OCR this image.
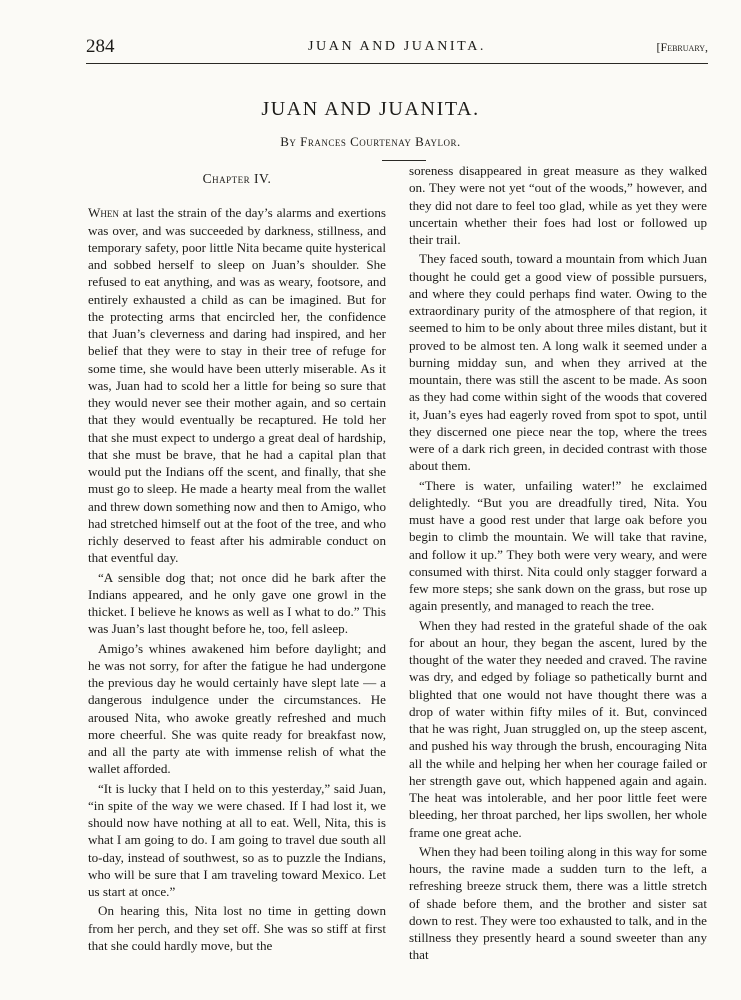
284	JUAN AND JUANITA.	[February,
JUAN AND JUANITA.
By Frances Courtenay Baylor.
Chapter IV.

When at last the strain of the day’s alarms and exertions was over, and was succeeded by darkness, stillness, and temporary safety, poor little Nita became quite hysterical and sobbed herself to sleep on Juan’s shoulder. She refused to eat anything, and was as weary, footsore, and entirely exhausted a child as can be imagined. But for the protecting arms that encircled her, the confidence that Juan’s cleverness and daring had inspired, and her belief that they were to stay in their tree of refuge for some time, she would have been utterly miserable. As it was, Juan had to scold her a little for being so sure that they would never see their mother again, and so certain that they would eventually be recaptured. He told her that she must expect to undergo a great deal of hardship, that she must be brave, that he had a capital plan that would put the Indians off the scent, and finally, that she must go to sleep. He made a hearty meal from the wallet and threw down something now and then to Amigo, who had stretched himself out at the foot of the tree, and who richly deserved to feast after his admirable conduct on that eventful day.

“A sensible dog that; not once did he bark after the Indians appeared, and he only gave one growl in the thicket. I believe he knows as well as I what to do.” This was Juan’s last thought before he, too, fell asleep.

Amigo’s whines awakened him before daylight; and he was not sorry, for after the fatigue he had undergone the previous day he would certainly have slept late — a dangerous indulgence under the circumstances. He aroused Nita, who awoke greatly refreshed and much more cheerful. She was quite ready for breakfast now, and all the party ate with immense relish of what the wallet afforded.

“It is lucky that I held on to this yesterday,” said Juan, “in spite of the way we were chased. If I had lost it, we should now have nothing at all to eat. Well, Nita, this is what I am going to do. I am going to travel due south all to-day, instead of southwest, so as to puzzle the Indians, who will be sure that I am traveling toward Mexico. Let us start at once.”

On hearing this, Nita lost no time in getting down from her perch, and they set off. She was so stiff at first that she could hardly move, but the

soreness disappeared in great measure as they walked on. They were not yet “out of the woods,” however, and they did not dare to feel too glad, while as yet they were uncertain whether their foes had lost or followed up their trail.

They faced south, toward a mountain from which Juan thought he could get a good view of possible pursuers, and where they could perhaps find water. Owing to the extraordinary purity of the atmosphere of that region, it seemed to him to be only about three miles distant, but it proved to be almost ten. A long walk it seemed under a burning midday sun, and when they arrived at the mountain, there was still the ascent to be made. As soon as they had come within sight of the woods that covered it, Juan’s eyes had eagerly roved from spot to spot, until they discerned one piece near the top, where the trees were of a dark rich green, in decided contrast with those about them.

“There is water, unfailing water!” he exclaimed delightedly. “But you are dreadfully tired, Nita. You must have a good rest under that large oak before you begin to climb the mountain. We will take that ravine, and follow it up.” They both were very weary, and were consumed with thirst. Nita could only stagger forward a few more steps; she sank down on the grass, but rose up again presently, and managed to reach the tree.

When they had rested in the grateful shade of the oak for about an hour, they began the ascent, lured by the thought of the water they needed and craved. The ravine was dry, and edged by foliage so pathetically burnt and blighted that one would not have thought there was a drop of water within fifty miles of it. But, convinced that he was right, Juan struggled on, up the steep ascent, and pushed his way through the brush, encouraging Nita all the while and helping her when her courage failed or her strength gave out, which happened again and again. The heat was intolerable, and her poor little feet were bleeding, her throat parched, her lips swollen, her whole frame one great ache.

When they had been toiling along in this way for some hours, the ravine made a sudden turn to the left, a refreshing breeze struck them, there was a little stretch of shade before them, and the brother and sister sat down to rest. They were too exhausted to talk, and in the stillness they presently heard a sound sweeter than any that
